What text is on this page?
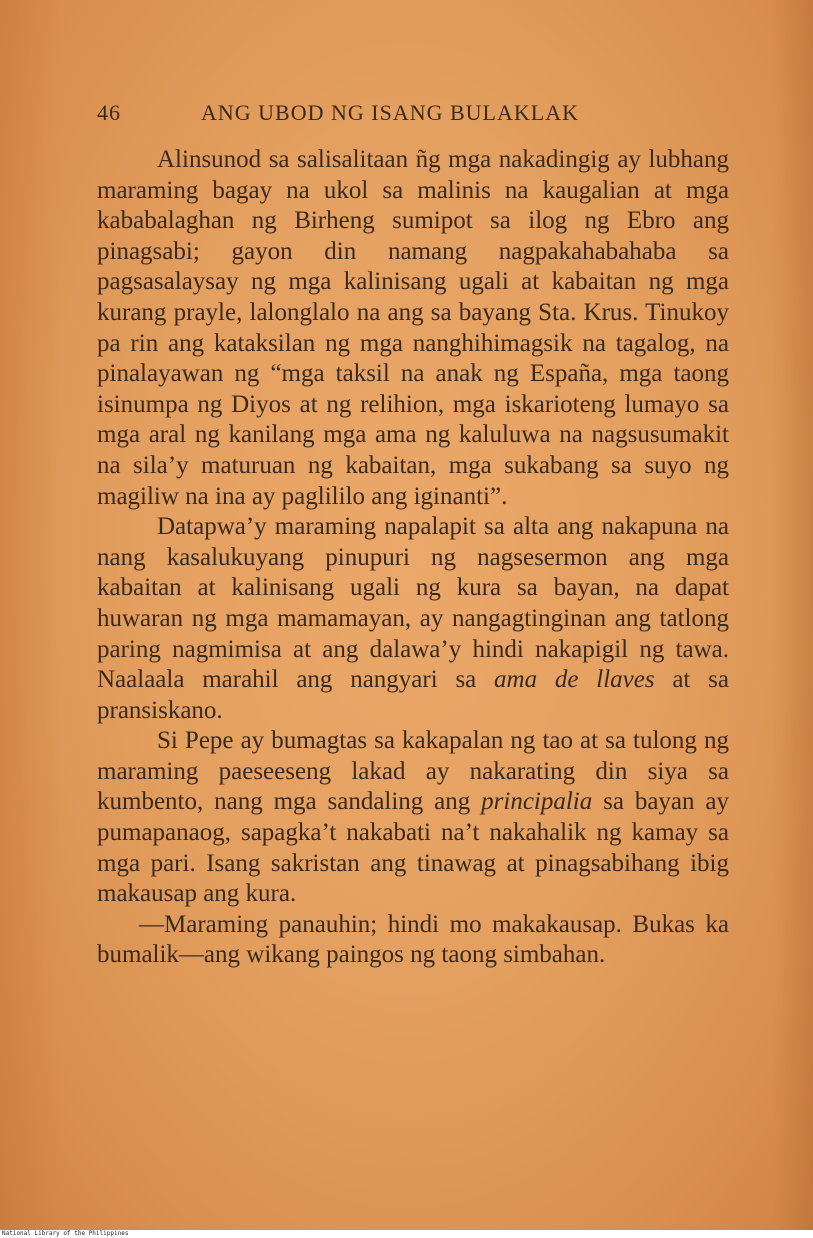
46	ANG UBOD NG ISANG BULAKLAK

Alinsunod sa salisalitaan ñg mga nakadingig ay lubhang maraming bagay na ukol sa malinis na kaugalian at mga kababalaghan ng Birheng sumipot sa ilog ng Ebro ang pinagsabi; gayon din namang nagpakahabahaba sa pagsasalaysay ng mga kalinisang ugali at kabaitan ng mga kurang prayle, lalonglalo na ang sa bayang Sta. Krus. Tinukoy pa rin ang kataksilan ng mga nanghihimagsik na tagalog, na pinalayawan ng “mga taksil na anak ng España, mga taong isinumpa ng Diyos at ng relihion, mga iskarioteng lumayo sa mga aral ng kanilang mga ama ng kaluluwa na nagsusumakit na sila’y maturuan ng kabaitan, mga sukabang sa suyo ng magiliw na ina ay paglililo ang iginanti”.

Datapwa’y maraming napalapit sa alta ang nakapuna na nang kasalukuyang pinupuri ng nagsesermon ang mga kabaitan at kalinisang ugali ng kura sa bayan, na dapat huwaran ng mga mamamayan, ay nangagtinginan ang tatlong paring nagmimisa at ang dalawa’y hindi nakapigil ng tawa. Naalaala marahil ang nangyari sa ama de llaves at sa pransiskano.

Si Pepe ay bumagtas sa kakapalan ng tao at sa tulong ng maraming paeseeseng lakad ay nakarating din siya sa kumbento, nang mga sandaling ang principalia sa bayan ay pumapanaog, sapagka’t nakabati na’t nakahalik ng kamay sa mga pari. Isang sakristan ang tinawag at pinagsabihang ibig makausap ang kura.

—Maraming panauhin; hindi mo makakausap. Bukas ka bumalik—ang wikang paingos ng taong simbahan.

National Library of the Philippines
